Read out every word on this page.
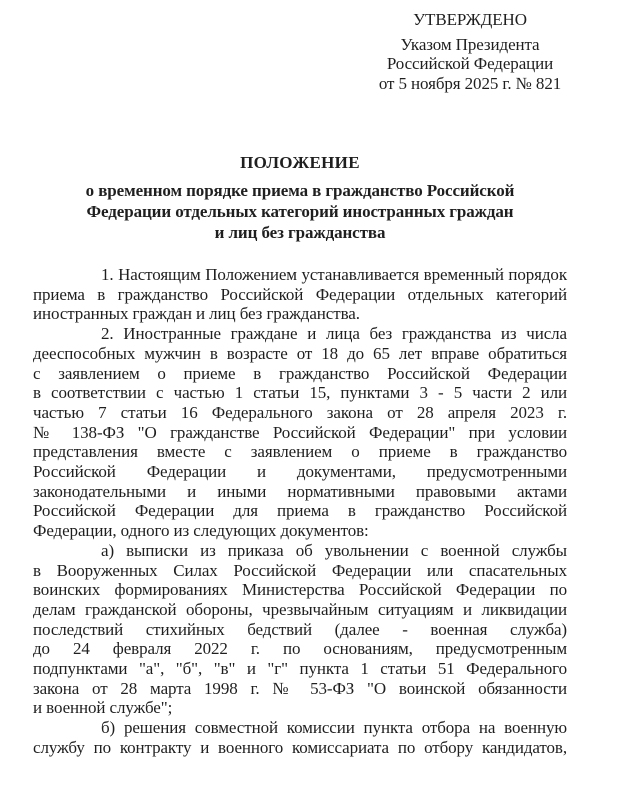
УТВЕРЖДЕНО
Указом Президента
Российской Федерации
от 5 ноября 2025 г. № 821
ПОЛОЖЕНИЕ
о временном порядке приема в гражданство Российской
Федерации отдельных категорий иностранных граждан
и лиц без гражданства
1. Настоящим Положением устанавливается временный порядок
приема в гражданство Российской Федерации отдельных категорий
иностранных граждан и лиц без гражданства.
2. Иностранные граждане и лица без гражданства из числа
дееспособных мужчин в возрасте от 18 до 65 лет вправе обратиться
с заявлением о приеме в гражданство Российской Федерации
в соответствии с частью 1 статьи 15, пунктами 3 - 5 части 2 или
частью 7 статьи 16 Федерального закона от 28 апреля 2023 г.
№ 138-ФЗ "О гражданстве Российской Федерации" при условии
представления вместе с заявлением о приеме в гражданство
Российской Федерации и документами, предусмотренными
законодательными и иными нормативными правовыми актами
Российской Федерации для приема в гражданство Российской
Федерации, одного из следующих документов:
а) выписки из приказа об увольнении с военной службы
в Вооруженных Силах Российской Федерации или спасательных
воинских формированиях Министерства Российской Федерации по
делам гражданской обороны, чрезвычайным ситуациям и ликвидации
последствий стихийных бедствий (далее - военная служба)
до 24 февраля 2022 г. по основаниям, предусмотренным
подпунктами "а", "б", "в" и "г" пункта 1 статьи 51 Федерального
закона от 28 марта 1998 г. № 53-ФЗ "О воинской обязанности
и военной службе";
б) решения совместной комиссии пункта отбора на военную
службу по контракту и военного комиссариата по отбору кандидатов,
